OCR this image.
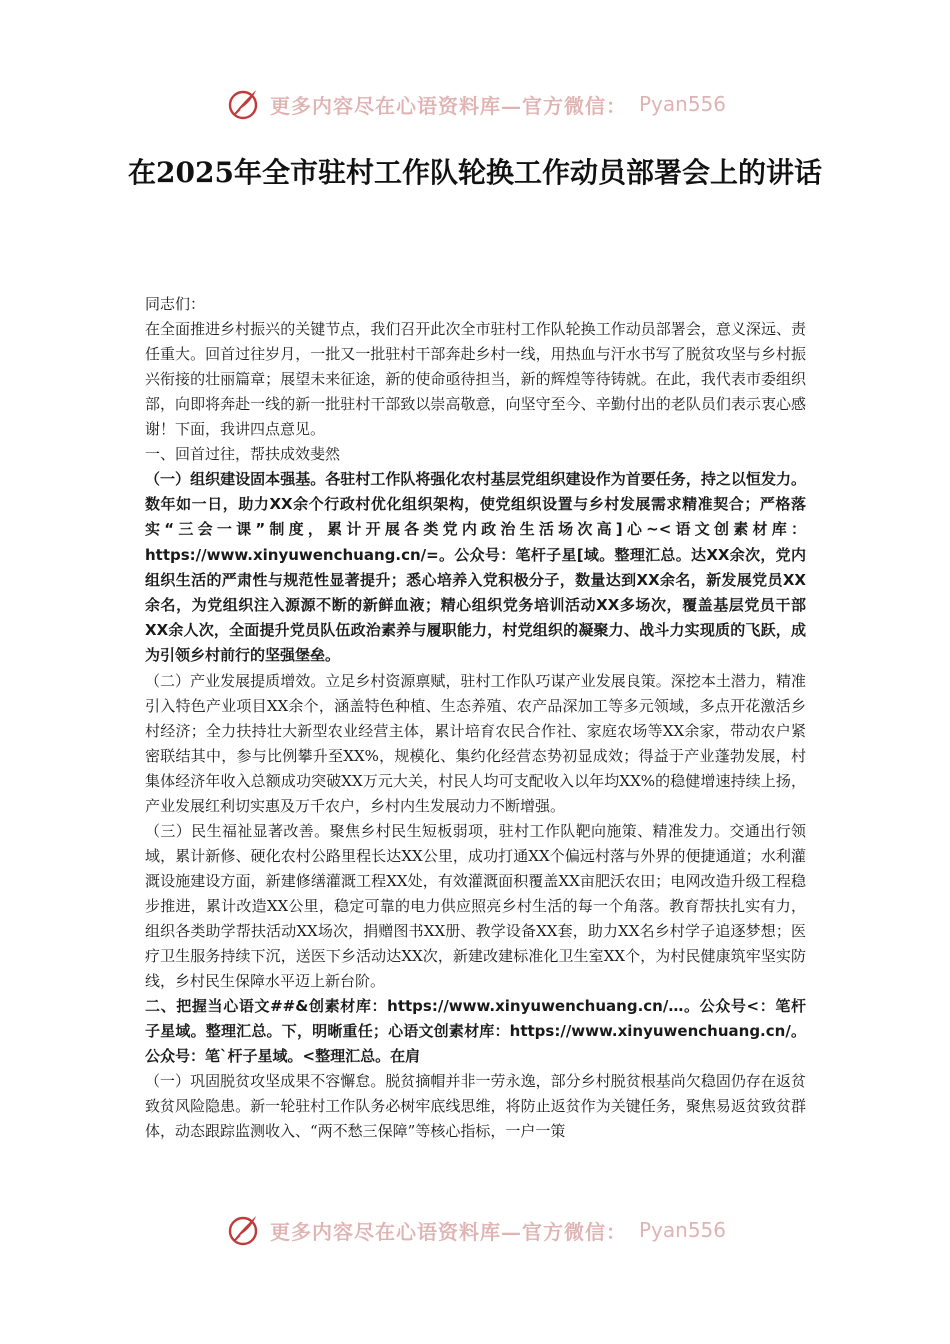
更多内容尽在心语资料库—官方微信： Pyan556
在2025年全市驻村工作队轮换工作动员部署会上的讲话

同志们：

在全面推进乡村振兴的关键节点，我们召开此次全市驻村工作队轮换工作动员部署会，意义深远、责任重大。回首过往岁月，一批又一批驻村干部奔赴乡村一线，用热血与汗水书写了脱贫攻坚与乡村振兴衔接的壮丽篇章；展望未来征途，新的使命亟待担当，新的辉煌等待铸就。在此，我代表市委组织部，向即将奔赴一线的新一批驻村干部致以崇高敬意，向坚守至今、辛勤付出的老队员们表示衷心感谢！下面，我讲四点意见。

一、回首过往，帮扶成效斐然

（一）组织建设固本强基。各驻村工作队将强化农村基层党组织建设作为首要任务，持之以恒发力。数年如一日，助力XX余个行政村优化组织架构，使党组织设置与乡村发展需求精准契合；严格落实“三会一课”制度，累计开展各类党内政治生活场次高]心~<语文创素材库：https://www.xinyuwenchuang.cn/=。公众号：笔杆子星[域。整理汇总。达XX余次，党内组织生活的严肃性与规范性显著提升；悉心培养入党积极分子，数量达到XX余名，新发展党员XX余名，为党组织注入源源不断的新鲜血液；精心组织党务培训活动XX多场次，覆盖基层党员干部XX余人次，全面提升党员队伍政治素养与履职能力，村党组织的凝聚力、战斗力实现质的飞跃，成为引领乡村前行的坚强堡垒。

（二）产业发展提质增效。立足乡村资源禀赋，驻村工作队巧谋产业发展良策。深挖本土潜力，精准引入特色产业项目XX余个，涵盖特色种植、生态养殖、农产品深加工等多元领域，多点开花激活乡村经济；全力扶持壮大新型农业经营主体，累计培育农民合作社、家庭农场等XX余家，带动农户紧密联结其中，参与比例攀升至XX%，规模化、集约化经营态势初显成效；得益于产业蓬勃发展，村集体经济年收入总额成功突破XX万元大关，村民人均可支配收入以年均XX%的稳健增速持续上扬，产业发展红利切实惠及万千农户，乡村内生发展动力不断增强。

（三）民生福祉显著改善。聚焦乡村民生短板弱项，驻村工作队靶向施策、精准发力。交通出行领域，累计新修、硬化农村公路里程长达XX公里，成功打通XX个偏远村落与外界的便捷通道；水利灌溉设施建设方面，新建修缮灌溉工程XX处，有效灌溉面积覆盖XX亩肥沃农田；电网改造升级工程稳步推进，累计改造XX公里，稳定可靠的电力供应照亮乡村生活的每一个角落。教育帮扶扎实有力，组织各类助学帮扶活动XX场次，捐赠图书XX册、教学设备XX套，助力XX名乡村学子追逐梦想；医疗卫生服务持续下沉，送医下乡活动达XX次，新建改建标准化卫生室XX个，为村民健康筑牢坚实防线，乡村民生保障水平迈上新台阶。

二、把握当心语文##&创素材库：https://www.xinyuwenchuang.cn/…。公众号<：笔杆子星域。整理汇总。下，明晰重任；心语文创素材库：https://www.xinyuwenchuang.cn/。公众号：笔`杆子星域。<整理汇总。在肩

（一）巩固脱贫攻坚成果不容懈怠。脱贫摘帽并非一劳永逸，部分乡村脱贫根基尚欠稳固仍存在返贫致贫风险隐患。新一轮驻村工作队务必树牢底线思维，将防止返贫作为关键任务，聚焦易返贫致贫群体，动态跟踪监测收入、“两不愁三保障”等核心指标，一户一策

更多内容尽在心语资料库—官方微信： Pyan556
